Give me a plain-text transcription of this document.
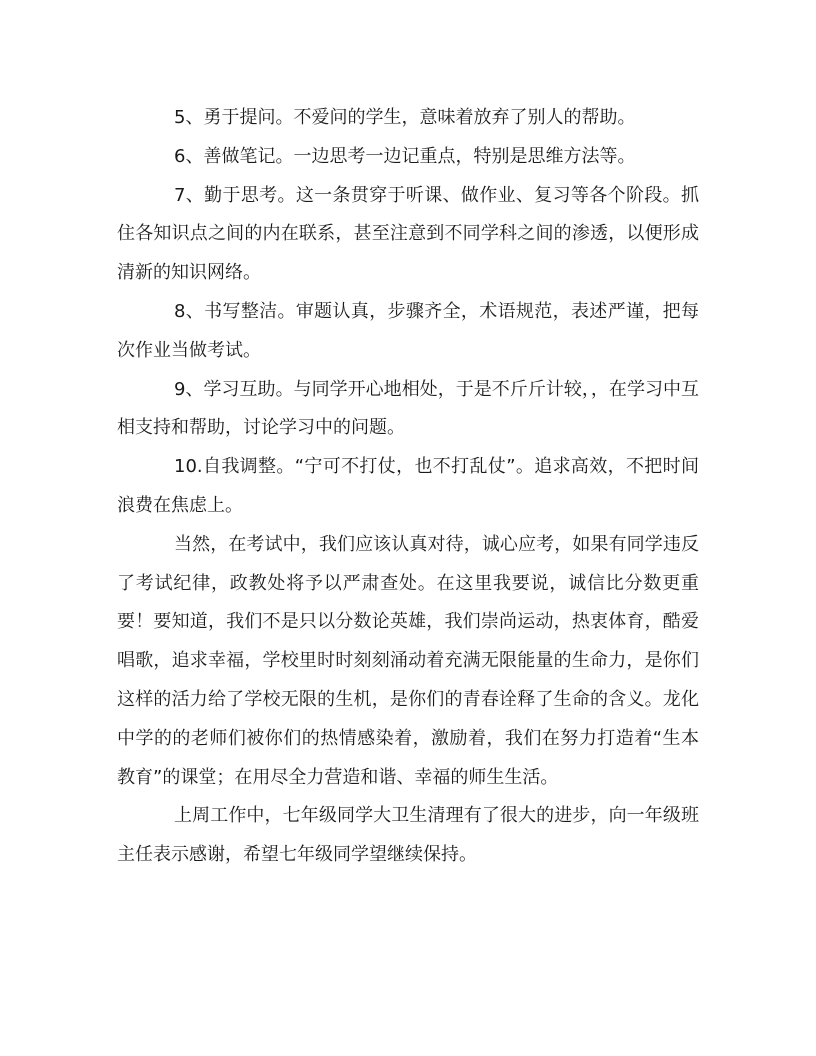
5、勇于提问。不爱问的学生，意味着放弃了别人的帮助。

6、善做笔记。一边思考一边记重点，特别是思维方法等。

7、勤于思考。这一条贯穿于听课、做作业、复习等各个阶段。抓住各知识点之间的内在联系，甚至注意到不同学科之间的渗透，以便形成清新的知识网络。

8、书写整洁。审题认真，步骤齐全，术语规范，表述严谨，把每次作业当做考试。

9、学习互助。与同学开心地相处，于是不斤斤计较，，在学习中互相支持和帮助，讨论学习中的问题。

10.自我调整。“宁可不打仗，也不打乱仗”。追求高效，不把时间浪费在焦虑上。

当然，在考试中，我们应该认真对待，诚心应考，如果有同学违反了考试纪律，政教处将予以严肃查处。在这里我要说，诚信比分数更重要！要知道，我们不是只以分数论英雄，我们崇尚运动，热衷体育，酷爱唱歌，追求幸福，学校里时时刻刻涌动着充满无限能量的生命力，是你们这样的活力给了学校无限的生机，是你们的青春诠释了生命的含义。龙化中学的的老师们被你们的热情感染着，激励着，我们在努力打造着“生本教育”的课堂；在用尽全力营造和谐、幸福的师生生活。

上周工作中，七年级同学大卫生清理有了很大的进步，向一年级班主任表示感谢，希望七年级同学望继续保持。
